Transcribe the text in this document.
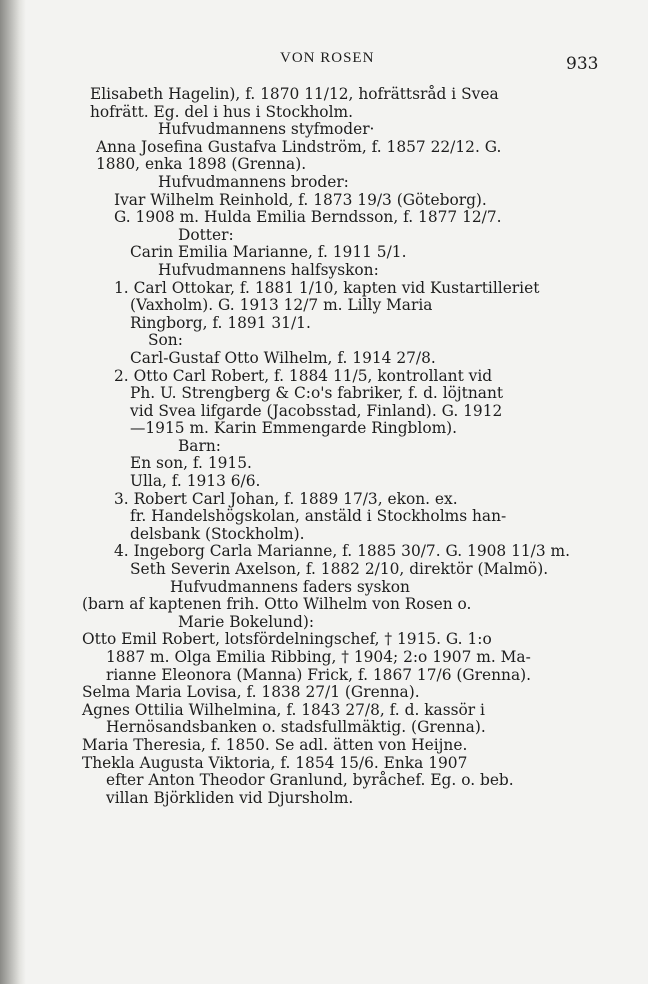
VON ROSEN	933
Elisabeth Hagelin), f. 1870 11/12, hofrättsråd i Svea
hofrätt. Eg. del i hus i Stockholm.
Hufvudmannens styfmoder·
Anna Josefina Gustafva Lindström, f. 1857 22/12. G.
1880, enka 1898 (Grenna).
Hufvudmannens broder:
Ivar Wilhelm Reinhold, f. 1873 19/3 (Göteborg).
G. 1908 m. Hulda Emilia Berndsson, f. 1877 12/7.
Dotter:
Carin Emilia Marianne, f. 1911 5/1.
Hufvudmannens halfsyskon:
1. Carl Ottokar, f. 1881 1/10, kapten vid Kustartilleriet
(Vaxholm). G. 1913 12/7 m. Lilly Maria
Ringborg, f. 1891 31/1.
Son:
Carl-Gustaf Otto Wilhelm, f. 1914 27/8.
2. Otto Carl Robert, f. 1884 11/5, kontrollant vid
Ph. U. Strengberg & C:o's fabriker, f. d. löjtnant
vid Svea lifgarde (Jacobsstad, Finland). G. 1912
—1915 m. Karin Emmengarde Ringblom).
Barn:
En son, f. 1915.
Ulla, f. 1913 6/6.
3. Robert Carl Johan, f. 1889 17/3, ekon. ex.
fr. Handelshögskolan, anstäld i Stockholms han-
delsbank (Stockholm).
4. Ingeborg Carla Marianne, f. 1885 30/7. G. 1908 11/3 m.
Seth Severin Axelson, f. 1882 2/10, direktör (Malmö).
Hufvudmannens faders syskon
(barn af kaptenen frih. Otto Wilhelm von Rosen o.
Marie Bokelund):
Otto Emil Robert, lotsfördelningschef, † 1915. G. 1:o
1887 m. Olga Emilia Ribbing, † 1904; 2:o 1907 m. Ma-
rianne Eleonora (Manna) Frick, f. 1867 17/6 (Grenna).
Selma Maria Lovisa, f. 1838 27/1 (Grenna).
Agnes Ottilia Wilhelmina, f. 1843 27/8, f. d. kassör i
Hernösandsbanken o. stadsfullmäktig. (Grenna).
Maria Theresia, f. 1850. Se adl. ätten von Heijne.
Thekla Augusta Viktoria, f. 1854 15/6. Enka 1907
efter Anton Theodor Granlund, byråchef. Eg. o. beb.
villan Björkliden vid Djursholm.
